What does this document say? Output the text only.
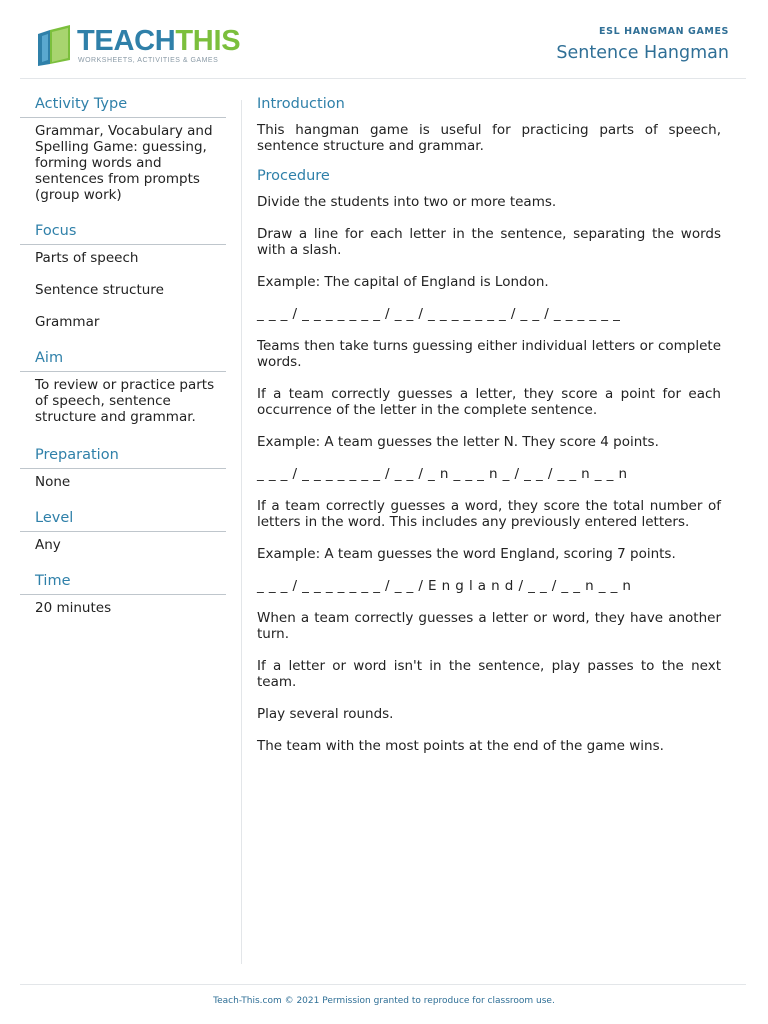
TEACHTHIS
WORKSHEETS, ACTIVITIES & GAMES
ESL HANGMAN GAMES
Sentence Hangman
Activity Type

Grammar, Vocabulary and Spelling Game: guessing, forming words and sentences from prompts (group work)

Focus

Parts of speech

Sentence structure

Grammar

Aim

To review or practice parts of speech, sentence structure and grammar.

Preparation

None

Level

Any

Time

20 minutes

Introduction

This hangman game is useful for practicing parts of speech, sentence structure and grammar.

Procedure

Divide the students into two or more teams.

Draw a line for each letter in the sentence, separating the words with a slash.

Example: The capital of England is London.

_ _ _ / _ _ _ _ _ _ _ / _ _ / _ _ _ _ _ _ _ / _ _ / _ _ _ _ _ _

Teams then take turns guessing either individual letters or complete words.

If a team correctly guesses a letter, they score a point for each occurrence of the letter in the complete sentence.

Example: A team guesses the letter N. They score 4 points.

_ _ _ / _ _ _ _ _ _ _ / _ _ / _ n _ _ _ n _ / _ _ / _ _ n _ _ n

If a team correctly guesses a word, they score the total number of letters in the word. This includes any previously entered letters.

Example: A team guesses the word England, scoring 7 points.

_ _ _ / _ _ _ _ _ _ _ / _ _ / E n g l a n d / _ _ / _ _ n _ _ n

When a team correctly guesses a letter or word, they have another turn.

If a letter or word isn't in the sentence, play passes to the next team.

Play several rounds.

The team with the most points at the end of the game wins.

Teach-This.com © 2021 Permission granted to reproduce for classroom use.
